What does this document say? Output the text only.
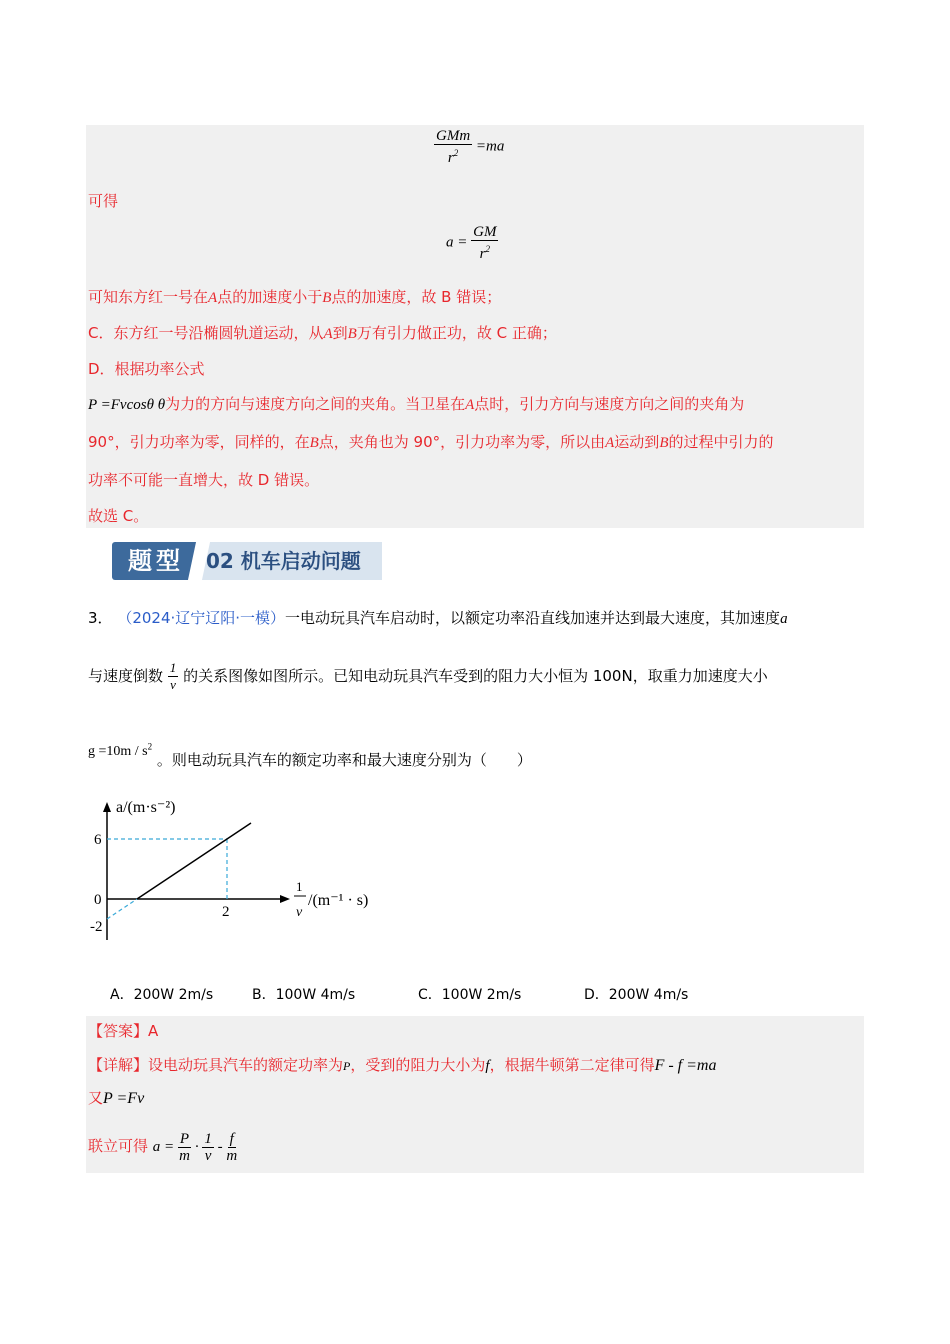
$\frac{\text{GMm}}{r^2} =ma$
可得
$a = \frac{GM}{r^2}$
可知东方红一号在A点的加速度小于B点的加速度，故 B 错误；
C．东方红一号沿椭圆轨道运动，从A到B万有引力做正功，故 C 正确；
D．根据功率公式
P =Fvcosθ θ为力的方向与速度方向之间的夹角。当卫星在A点时，引力方向与速度方向之间的夹角为
90°，引力功率为零，同样的，在B点，夹角也为 90°，引力功率为零，所以由A运动到B的过程中引力的
功率不可能一直增大，故 D 错误。
故选 C。
题型	02 机车启动问题
3． （2024·辽宁辽阳·一模）一电动玩具汽车启动时，以额定功率沿直线加速并达到最大速度，其加速度a
与速度倒数 $\frac{1}{v}$ 的关系图像如图所示。已知电动玩具汽车受到的阻力大小恒为 100N，取重力加速度大小
$g =10m / s^2$ 。则电动玩具汽车的额定功率和最大速度分别为（　　）
2
6
0
-2
a/(m·s⁻²)
1
v
/(m⁻¹ · s)
A．200W 2m/s	B．100W 4m/s	C．100W 2m/s	D．200W 4m/s
【答案】A
【详解】设电动玩具汽车的额定功率为P，受到的阻力大小为f，根据牛顿第二定律可得F - f =ma
又P =Fv
联立可得 $a = \frac{P}{m} \cdot \frac{1}{v} - \frac{f}{m}$
